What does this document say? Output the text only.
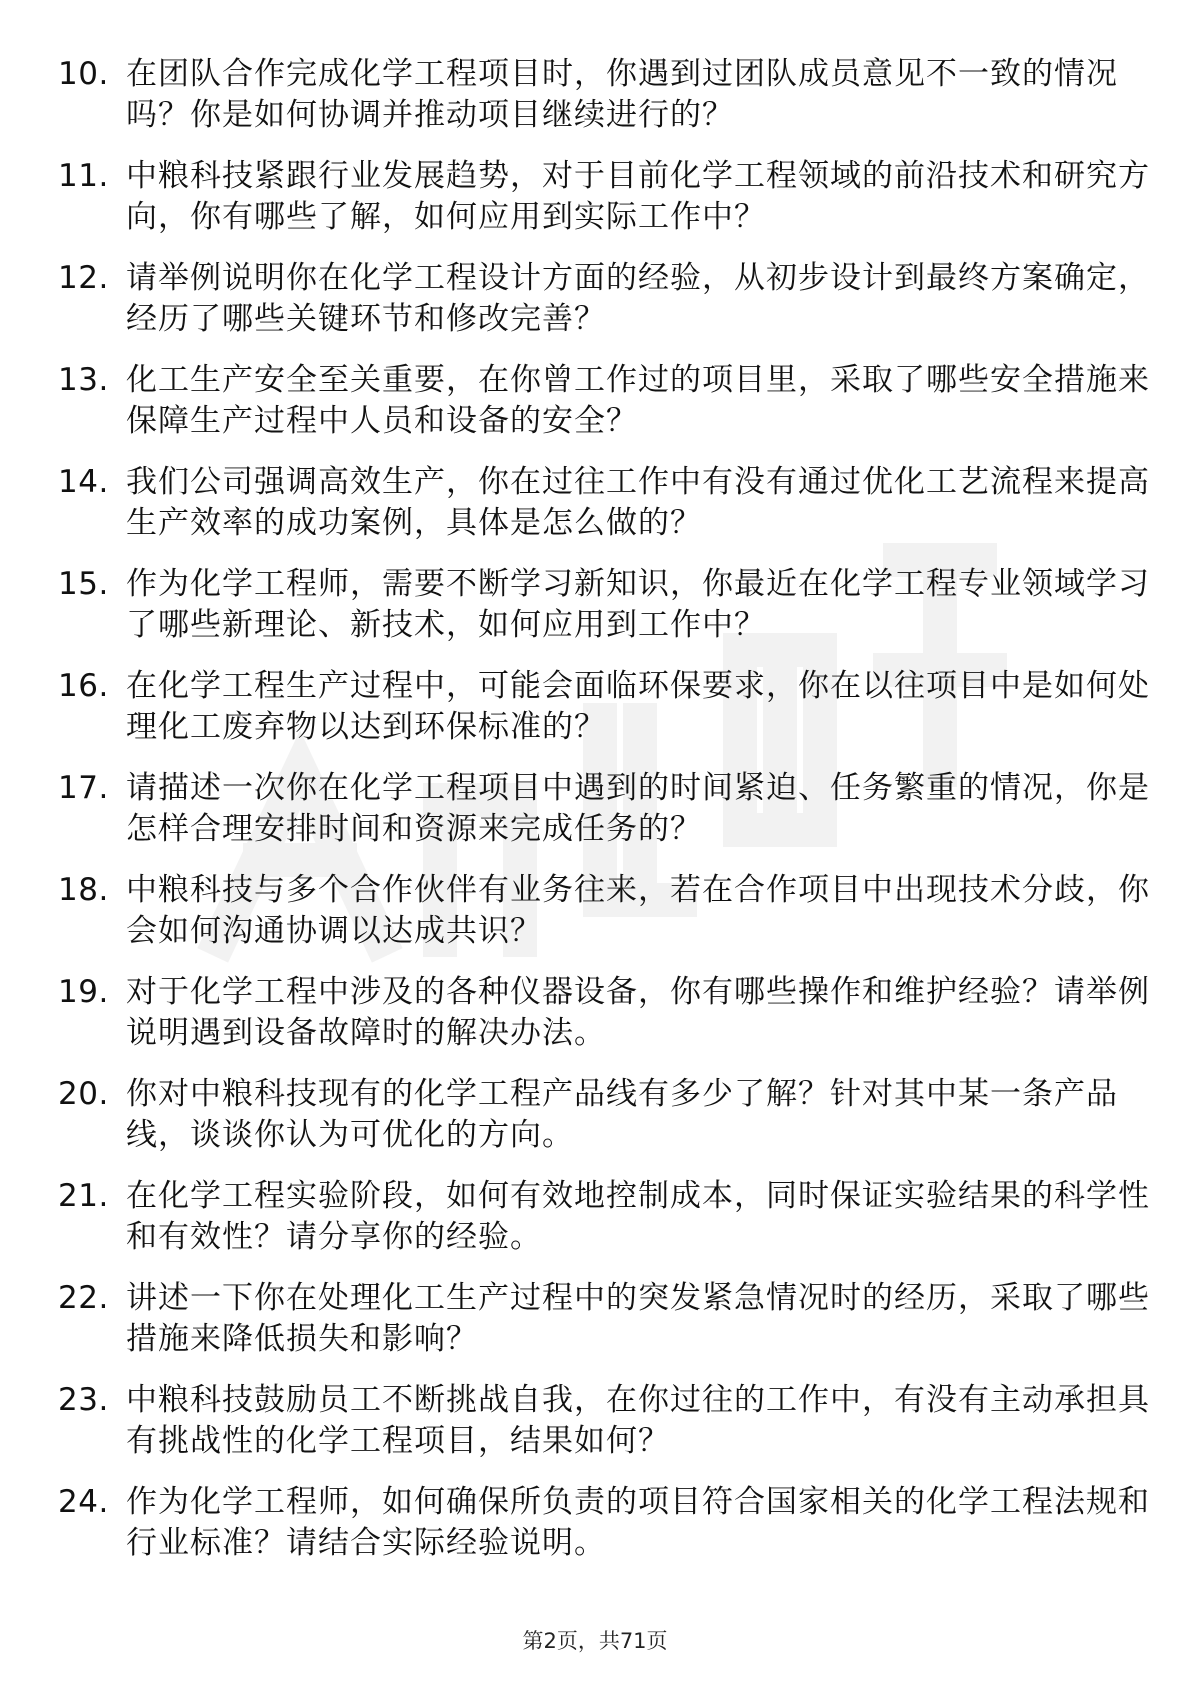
10. 在团队合作完成化学工程项目时，你遇到过团队成员意见不一致的情况吗？你是如何协调并推动项目继续进行的？
11. 中粮科技紧跟行业发展趋势，对于目前化学工程领域的前沿技术和研究方向，你有哪些了解，如何应用到实际工作中？
12. 请举例说明你在化学工程设计方面的经验，从初步设计到最终方案确定，经历了哪些关键环节和修改完善？
13. 化工生产安全至关重要，在你曾工作过的项目里，采取了哪些安全措施来保障生产过程中人员和设备的安全？
14. 我们公司强调高效生产，你在过往工作中有没有通过优化工艺流程来提高生产效率的成功案例，具体是怎么做的？
15. 作为化学工程师，需要不断学习新知识，你最近在化学工程专业领域学习了哪些新理论、新技术，如何应用到工作中？
16. 在化学工程生产过程中，可能会面临环保要求，你在以往项目中是如何处理化工废弃物以达到环保标准的？
17. 请描述一次你在化学工程项目中遇到的时间紧迫、任务繁重的情况，你是怎样合理安排时间和资源来完成任务的？
18. 中粮科技与多个合作伙伴有业务往来，若在合作项目中出现技术分歧，你会如何沟通协调以达成共识？
19. 对于化学工程中涉及的各种仪器设备，你有哪些操作和维护经验？请举例说明遇到设备故障时的解决办法。
20. 你对中粮科技现有的化学工程产品线有多少了解？针对其中某一条产品线，谈谈你认为可优化的方向。
21. 在化学工程实验阶段，如何有效地控制成本，同时保证实验结果的科学性和有效性？请分享你的经验。
22. 讲述一下你在处理化工生产过程中的突发紧急情况时的经历，采取了哪些措施来降低损失和影响？
23. 中粮科技鼓励员工不断挑战自我，在你过往的工作中，有没有主动承担具有挑战性的化学工程项目，结果如何？
24. 作为化学工程师，如何确保所负责的项目符合国家相关的化学工程法规和行业标准？请结合实际经验说明。
第2页，共71页
